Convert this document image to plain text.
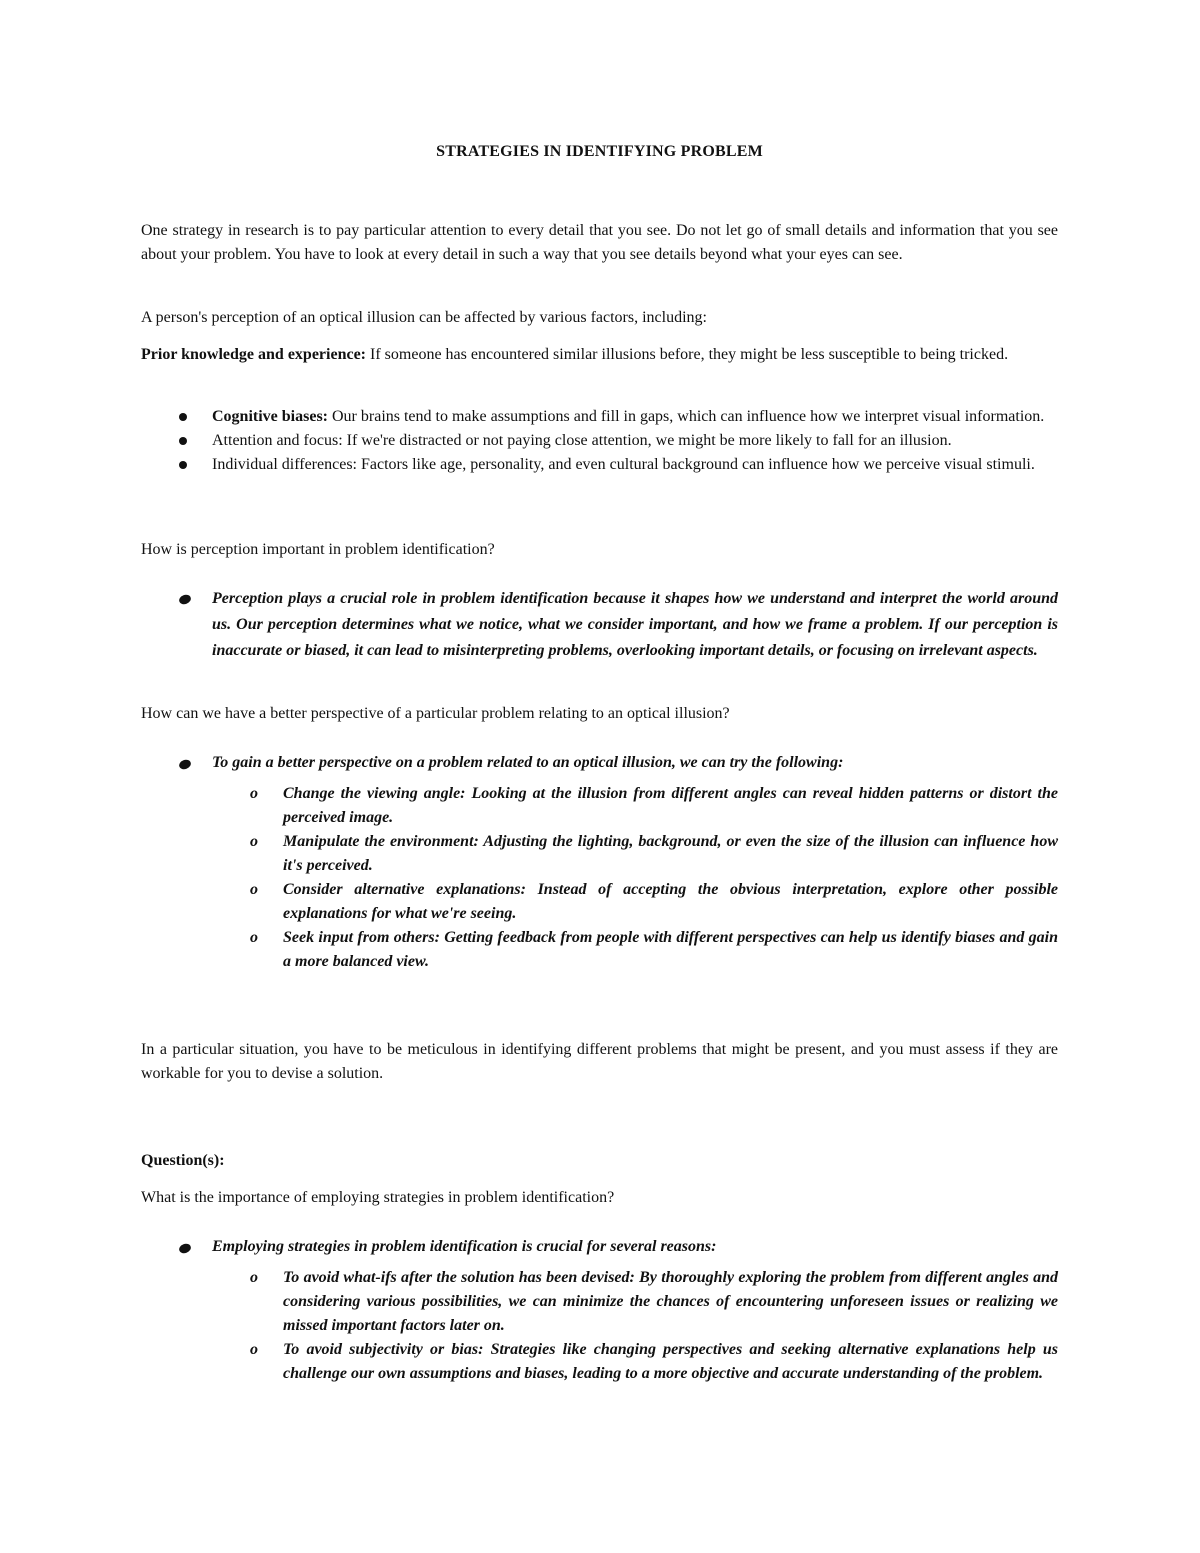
STRATEGIES IN IDENTIFYING PROBLEM

One strategy in research is to pay particular attention to every detail that you see. Do not let go of small details and information that you see about your problem. You have to look at every detail in such a way that you see details beyond what your eyes can see.

A person's perception of an optical illusion can be affected by various factors, including:

Prior knowledge and experience: If someone has encountered similar illusions before, they might be less susceptible to being tricked.

Cognitive biases: Our brains tend to make assumptions and fill in gaps, which can influence how we interpret visual information.
Attention and focus: If we're distracted or not paying close attention, we might be more likely to fall for an illusion.
Individual differences: Factors like age, personality, and even cultural background can influence how we perceive visual stimuli.

How is perception important in problem identification?

Perception plays a crucial role in problem identification because it shapes how we understand and interpret the world around us. Our perception determines what we notice, what we consider important, and how we frame a problem. If our perception is inaccurate or biased, it can lead to misinterpreting problems, overlooking important details, or focusing on irrelevant aspects.

How can we have a better perspective of a particular problem relating to an optical illusion?

To gain a better perspective on a problem related to an optical illusion, we can try the following:
o Change the viewing angle: Looking at the illusion from different angles can reveal hidden patterns or distort the perceived image.
o Manipulate the environment: Adjusting the lighting, background, or even the size of the illusion can influence how it's perceived.
o Consider alternative explanations: Instead of accepting the obvious interpretation, explore other possible explanations for what we're seeing.
o Seek input from others: Getting feedback from people with different perspectives can help us identify biases and gain a more balanced view.

In a particular situation, you have to be meticulous in identifying different problems that might be present, and you must assess if they are workable for you to devise a solution.

Question(s):

What is the importance of employing strategies in problem identification?

Employing strategies in problem identification is crucial for several reasons:
o To avoid what-ifs after the solution has been devised: By thoroughly exploring the problem from different angles and considering various possibilities, we can minimize the chances of encountering unforeseen issues or realizing we missed important factors later on.
o To avoid subjectivity or bias: Strategies like changing perspectives and seeking alternative explanations help us challenge our own assumptions and biases, leading to a more objective and accurate understanding of the problem.
